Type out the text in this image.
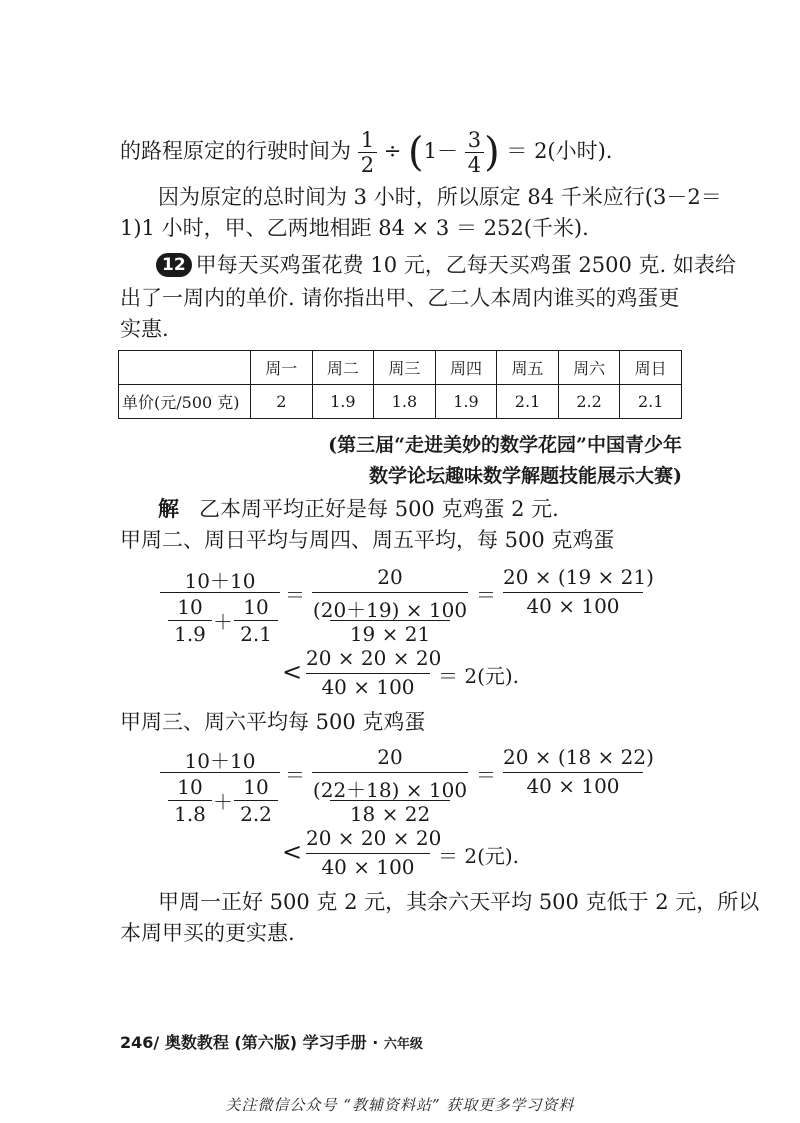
的路程原定的行驶时间为 $\frac{1}{2} \div (1- \frac{3}{4}$ ) ＝ 2(小时).
因为原定的总时间为 3 小时，所以原定 84 千米应行(3－2＝
1)1 小时，甲、乙两地相距 84 × 3 ＝ 252(千米).
12 甲每天买鸡蛋花费 10 元，乙每天买鸡蛋 2500 克. 如表给
出了一周内的单价. 请你指出甲、乙二人本周内谁买的鸡蛋更
实惠.
	周一	周二	周三	周四	周五	周六	周日
单价(元/500 克)	2	1.9	1.8	1.9	2.1	2.2	2.1
(第三届“走进美妙的数学花园”中国青少年
数学论坛趣味数学解题技能展示大赛)
解 乙本周平均正好是每 500 克鸡蛋 2 元.
甲周二、周日平均与周四、周五平均，每 500 克鸡蛋
10＋10
10
1.9 ＋
10
2.1
＝
20
(20＋19) × 100
19 × 21
＝
20 × (19 × 21)
40 × 100
< 20 × 20 × 20
40 × 100	＝ 2(元).
甲周三、周六平均每 500 克鸡蛋
10＋10
10
1.8 ＋
10
2.2
＝
20
(22＋18) × 100
18 × 22
＝
20 × (18 × 22)
40 × 100
< 20 × 20 × 20
40 × 100	＝ 2(元).
甲周一正好 500 克 2 元，其余六天平均 500 克低于 2 元，所以
本周甲买的更实惠.
246/ 奥数教程 (第六版) 学习手册 · 六年级
关注微信公众号 “教辅资料站” 获取更多学习资料
